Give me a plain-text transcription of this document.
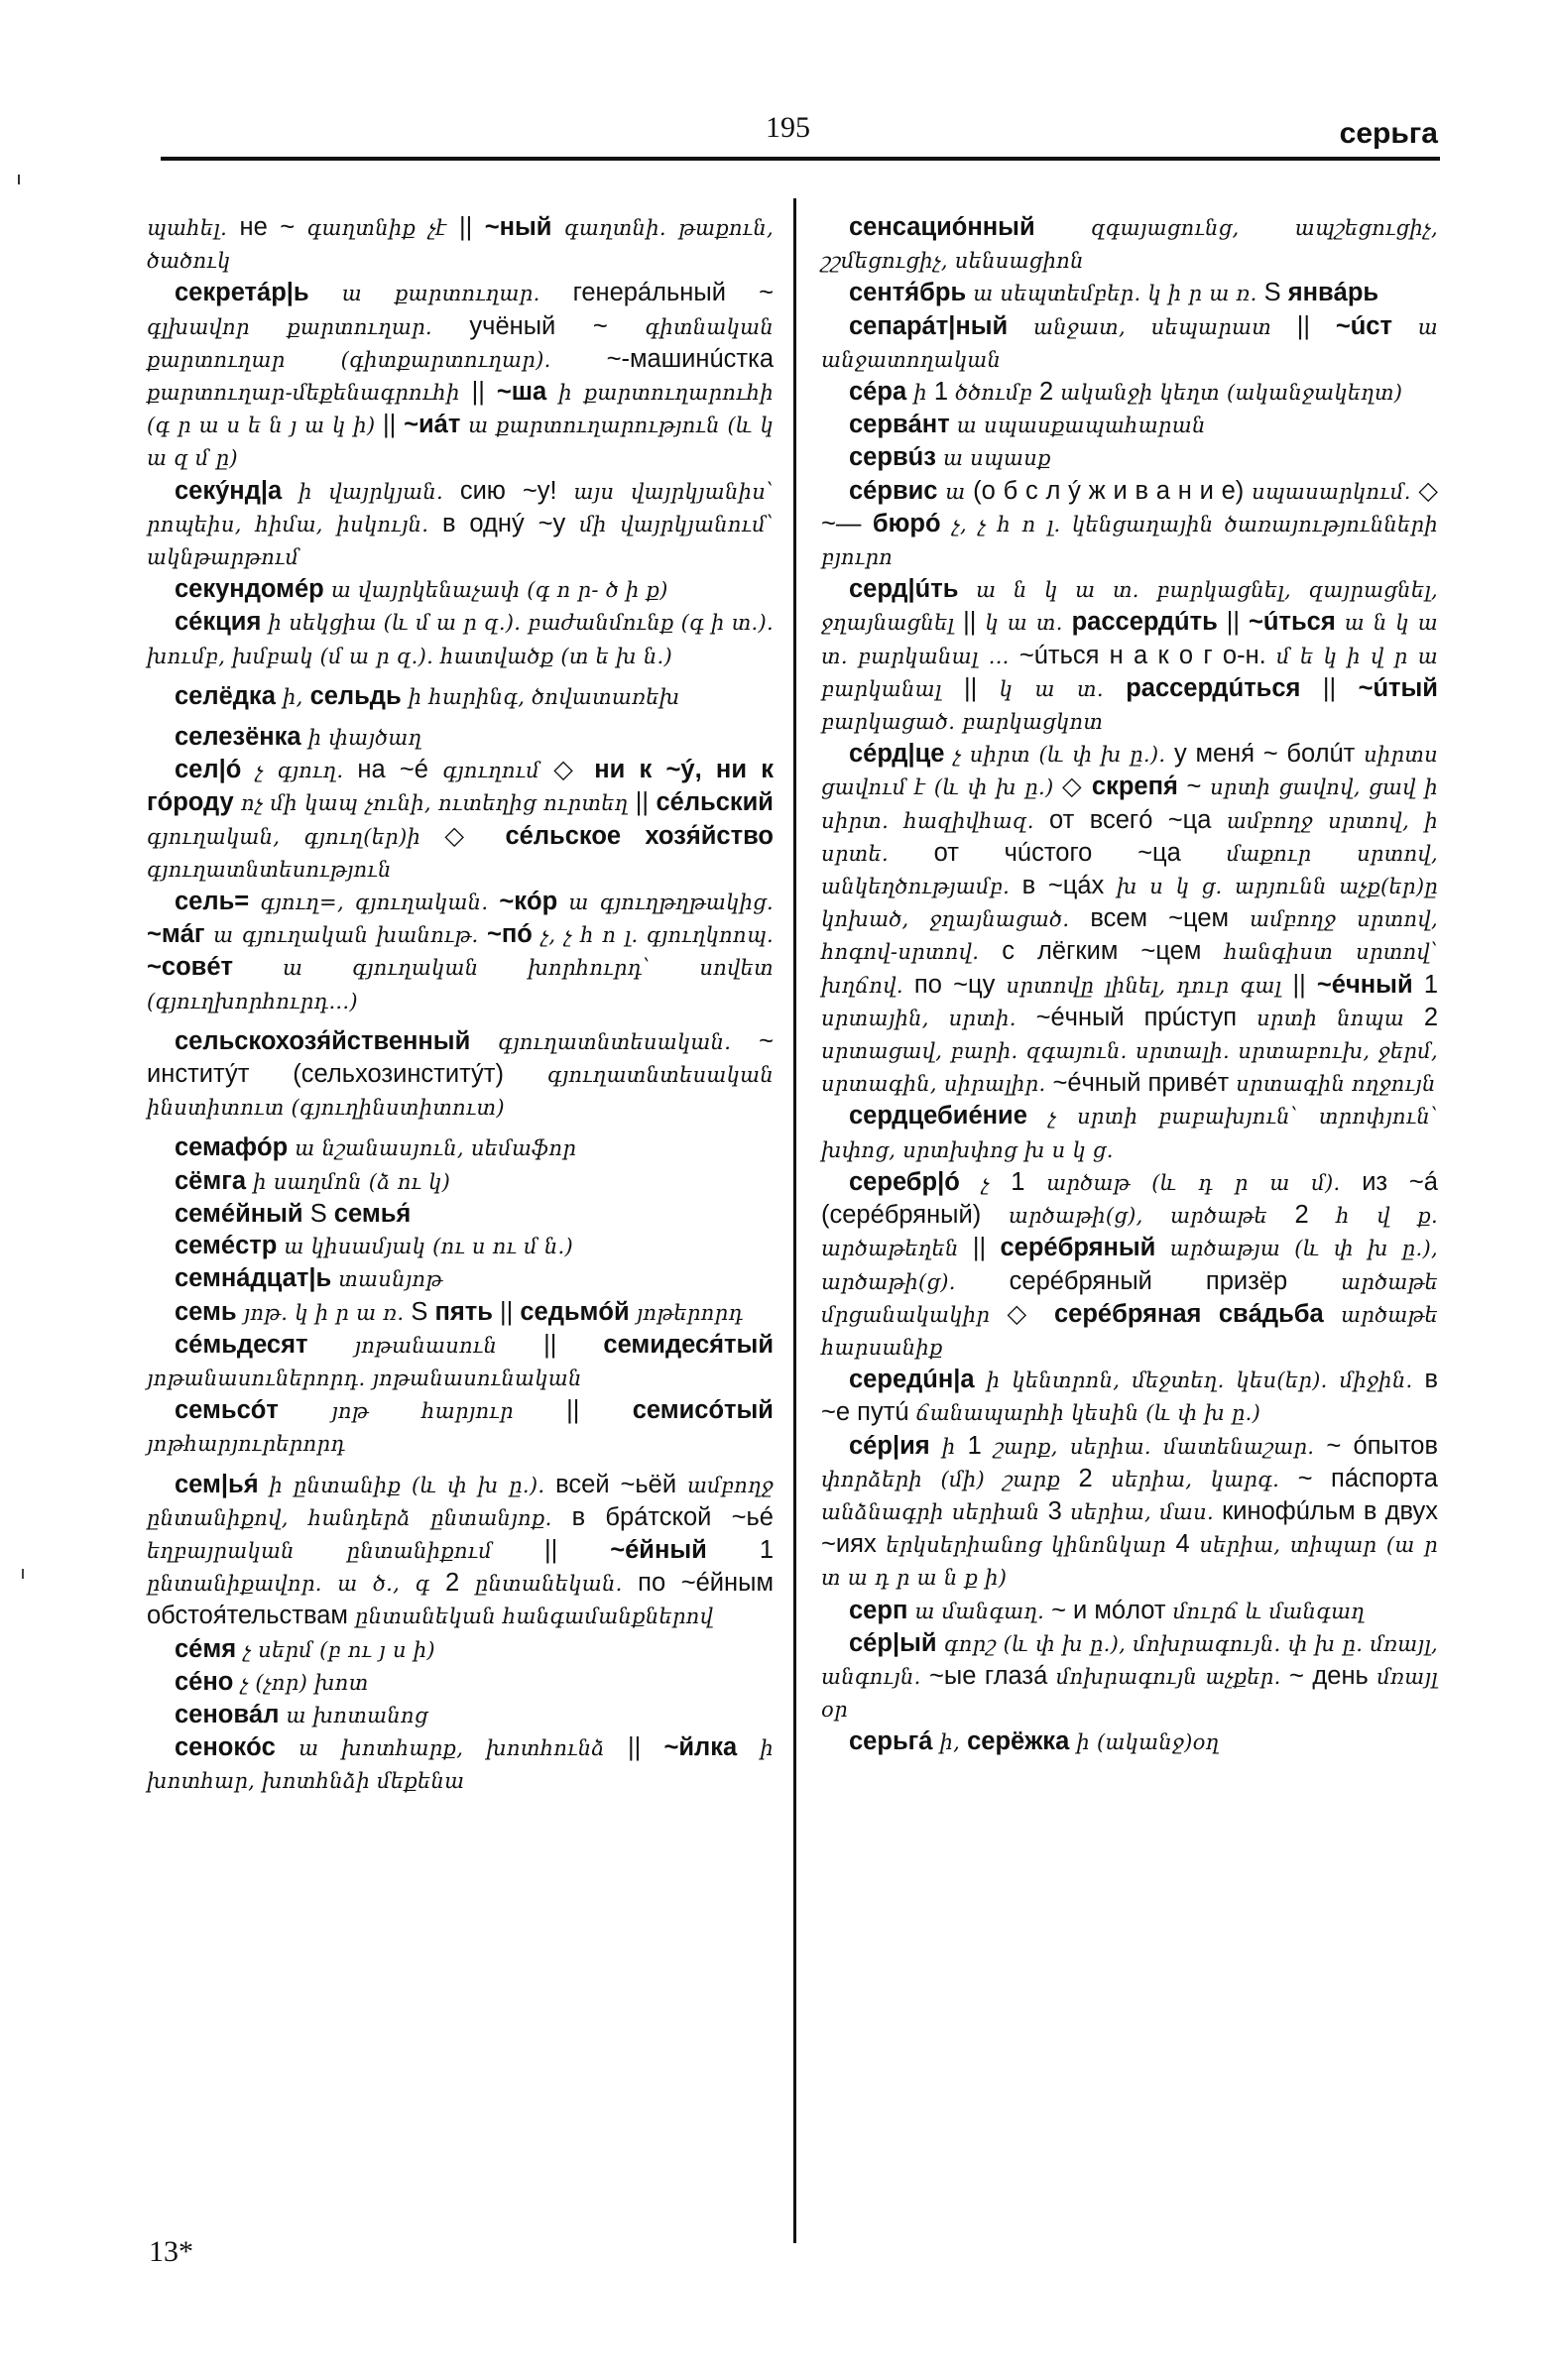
195	серьга

պահել. не ~ գաղտնիք չէ || ~ный գաղտնի. թաքուն, ծածուկ

секретáр|ь ա քարտուղար. генерáльный ~ գլխավոր քարտուղար. учёный ~ գիտնական քարտուղար (գիտքարտուղար). ~-машинúстка քարտուղար-մեքենագրուհի || ~ша ի քարտուղարուհի (գ ր ա ս ե ն յ ա կ ի) || ~иáт ա քարտուղարություն (և կ ա զ մ ը)

секýнд|а ի վայրկյան. сию ~у! այս վայրկյանիս՝ րոպեիս, հիմա, իսկույն. в однý ~у մի վայրկյանում՝ ակնթարթում

секундомéр ա վայրկենաչափ (գ ո ր- ծ ի ք)

сéкция ի սեկցիա (և մ ա ր զ.). բաժանմունք (գ ի տ.). խումբ, խմբակ (մ ա ր զ.). հատվածք (տ ե խ ն.)

селёдка ի, сельдь ի հարինգ, ծովատառեխ

селезёнка ի փայծաղ

сел|ó չ գյուղ. на ~é գյուղում ◇ ни к ~ý, ни к гóроду ոչ մի կապ չունի, ուտեղից ուրտեղ || сéльский գյուղական, գյուղ(եր)ի ◇ сéльское хозя́йство գյուղատնտեսություն

сель= գյուղ=, գյուղական. ~кóр ա գյուղթղթակից. ~мáг ա գյուղական խանութ. ~пó չ, չ հ ո լ. գյուղկոոպ. ~совéт ա գյուղական խորհուրդ՝ սովետ (գյուղխորհուրդ...)

сельскохозя́йственный գյուղատնտեսական. ~ институ́т (сельхозинститу́т) գյուղատնտեսական ինստիտուտ (գյուղինստիտուտ)

семафóр ա նշանասյուն, սեմաֆոր

сёмга ի սաղմոն (ձ ու կ)

семéйный S семья́

семéстр ա կիսամյակ (ու ս ու մ ն.)

семнáдцат|ь տասնյոթ

семь յոթ. կ ի ր ա ռ. S пять || седьмóй յոթերորդ

сéмьдесят յոթանասուն || семидеся́тый յոթանասուներորդ. յոթանասունական

семьсóт յոթ հարյուր || семисóтый յոթհարյուրերորդ

сем|ья́ ի ընտանիք (և փ խ ը.). всей ~ьёй ամբողջ ընտանիքով, հանդերձ ընտանյոք. в брáтской ~ьé եղբայրական ընտանիքում || ~éйный 1 ընտանիքավոր. ա ծ., գ 2 ընտանեկան. по ~éйным обстоя́тельствам ընտանեկան հանգամանքներով

сéмя չ սերմ (բ ու յ ս ի)

сéно չ (չոր) խոտ

сеновáл ա խոտանոց

сенокóс ա խոտհարք, խոտհունձ || ~йлка ի խոտհար, խոտհնձի մեքենա

сенсациóнный զգայացունց, ապշեցուցիչ, շշմեցուցիչ, սենսացիոն

сентя́брь ա սեպտեմբեր. կ ի ր ա ռ. S янвáрь

сепарáт|ный անջատ, սեպարատ || ~úст ա անջատողական

сéра ի 1 ծծումբ 2 ականջի կեղտ (ականջակեղտ)

сервáнт ա սպասքապահարան

сервúз ա սպասք

сéрвис ա (о б с л ý ж и в а н и е) սպասարկում. ◇ ~— бюрó չ, չ հ ո լ. կենցաղային ծառայությունների բյուրո

серд|úть ա ն կ ա տ. բարկացնել, զայրացնել, ջղայնացնել || կ ա տ. рассердúть || ~úться ա ն կ ա տ. բարկանալ ... ~úться н а к о г о-н. մ ե կ ի վ ր ա բարկանալ || կ ա տ. рассердúться || ~úтый բարկացած. բարկացկոտ

сéрд|це չ սիրտ (և փ խ ը.). у меня́ ~ болúт սիրտս ցավում է (և փ խ ը.) ◇ скрепя́ ~ սրտի ցավով, ցավ ի սիրտ. հազիվհազ. от всегó ~ца ամբողջ սրտով, ի սրտե. от чúстого ~ца մաքուր սրտով, անկեղծությամբ. в ~цáх խ ս կ ց. արյունն աչք(եր)ը կոխած, ջղայնացած. всем ~цем ամբողջ սրտով, հոգով-սրտով. с лёгким ~цем հանգիստ սրտով՝ խղճով. по ~цу սրտովը լինել, դուր գալ || ~éчный 1 սրտային, սրտի. ~éчный прúступ սրտի նոպա 2 սրտացավ, բարի. զգայուն. սրտալի. սրտաբուխ, ջերմ, սրտագին, սիրալիր. ~éчный привéт սրտագին ողջույն

сердцебиéние չ սրտի բաբախյուն՝ տրոփյուն՝ խփոց, սրտխփոց խ ս կ ց.

серебр|ó չ 1 արծաթ (և դ ր ա մ). из ~á (серéбряный) արծաթի(ց), արծաթե 2 հ վ ք. արծաթեղեն || серéбряный արծաթյա (և փ խ ը.), արծաթի(ց). серéбряный призёр արծաթե մրցանակակիր ◇ серéбряная свáдьба արծաթե հարսանիք

середúн|а ի կենտրոն, մեջտեղ. կես(եր). միջին. в ~е путú ճանապարհի կեսին (և փ խ ը.)

сéр|ия ի 1 շարք, սերիա. մատենաշար. ~ óпытов փորձերի (մի) շարք 2 սերիա, կարգ. ~ пáспорта անձնագրի սերիան 3 սերիա, մաս. кинофúльм в двух ~иях երկսերիանոց կինոնկար 4 սերիա, տիպար (ա ր տ ա դ ր ա ն ք ի)

серп ա մանգաղ. ~ и мóлот մուրճ և մանգաղ

сéр|ый գորշ (և փ խ ը.), մոխրագույն. փ խ ը. մռայլ, անգույն. ~ые глазá մոխրագույն աչքեր. ~ день մռայլ օր

серьгá ի, серёжка ի (ականջ)օղ

13*
